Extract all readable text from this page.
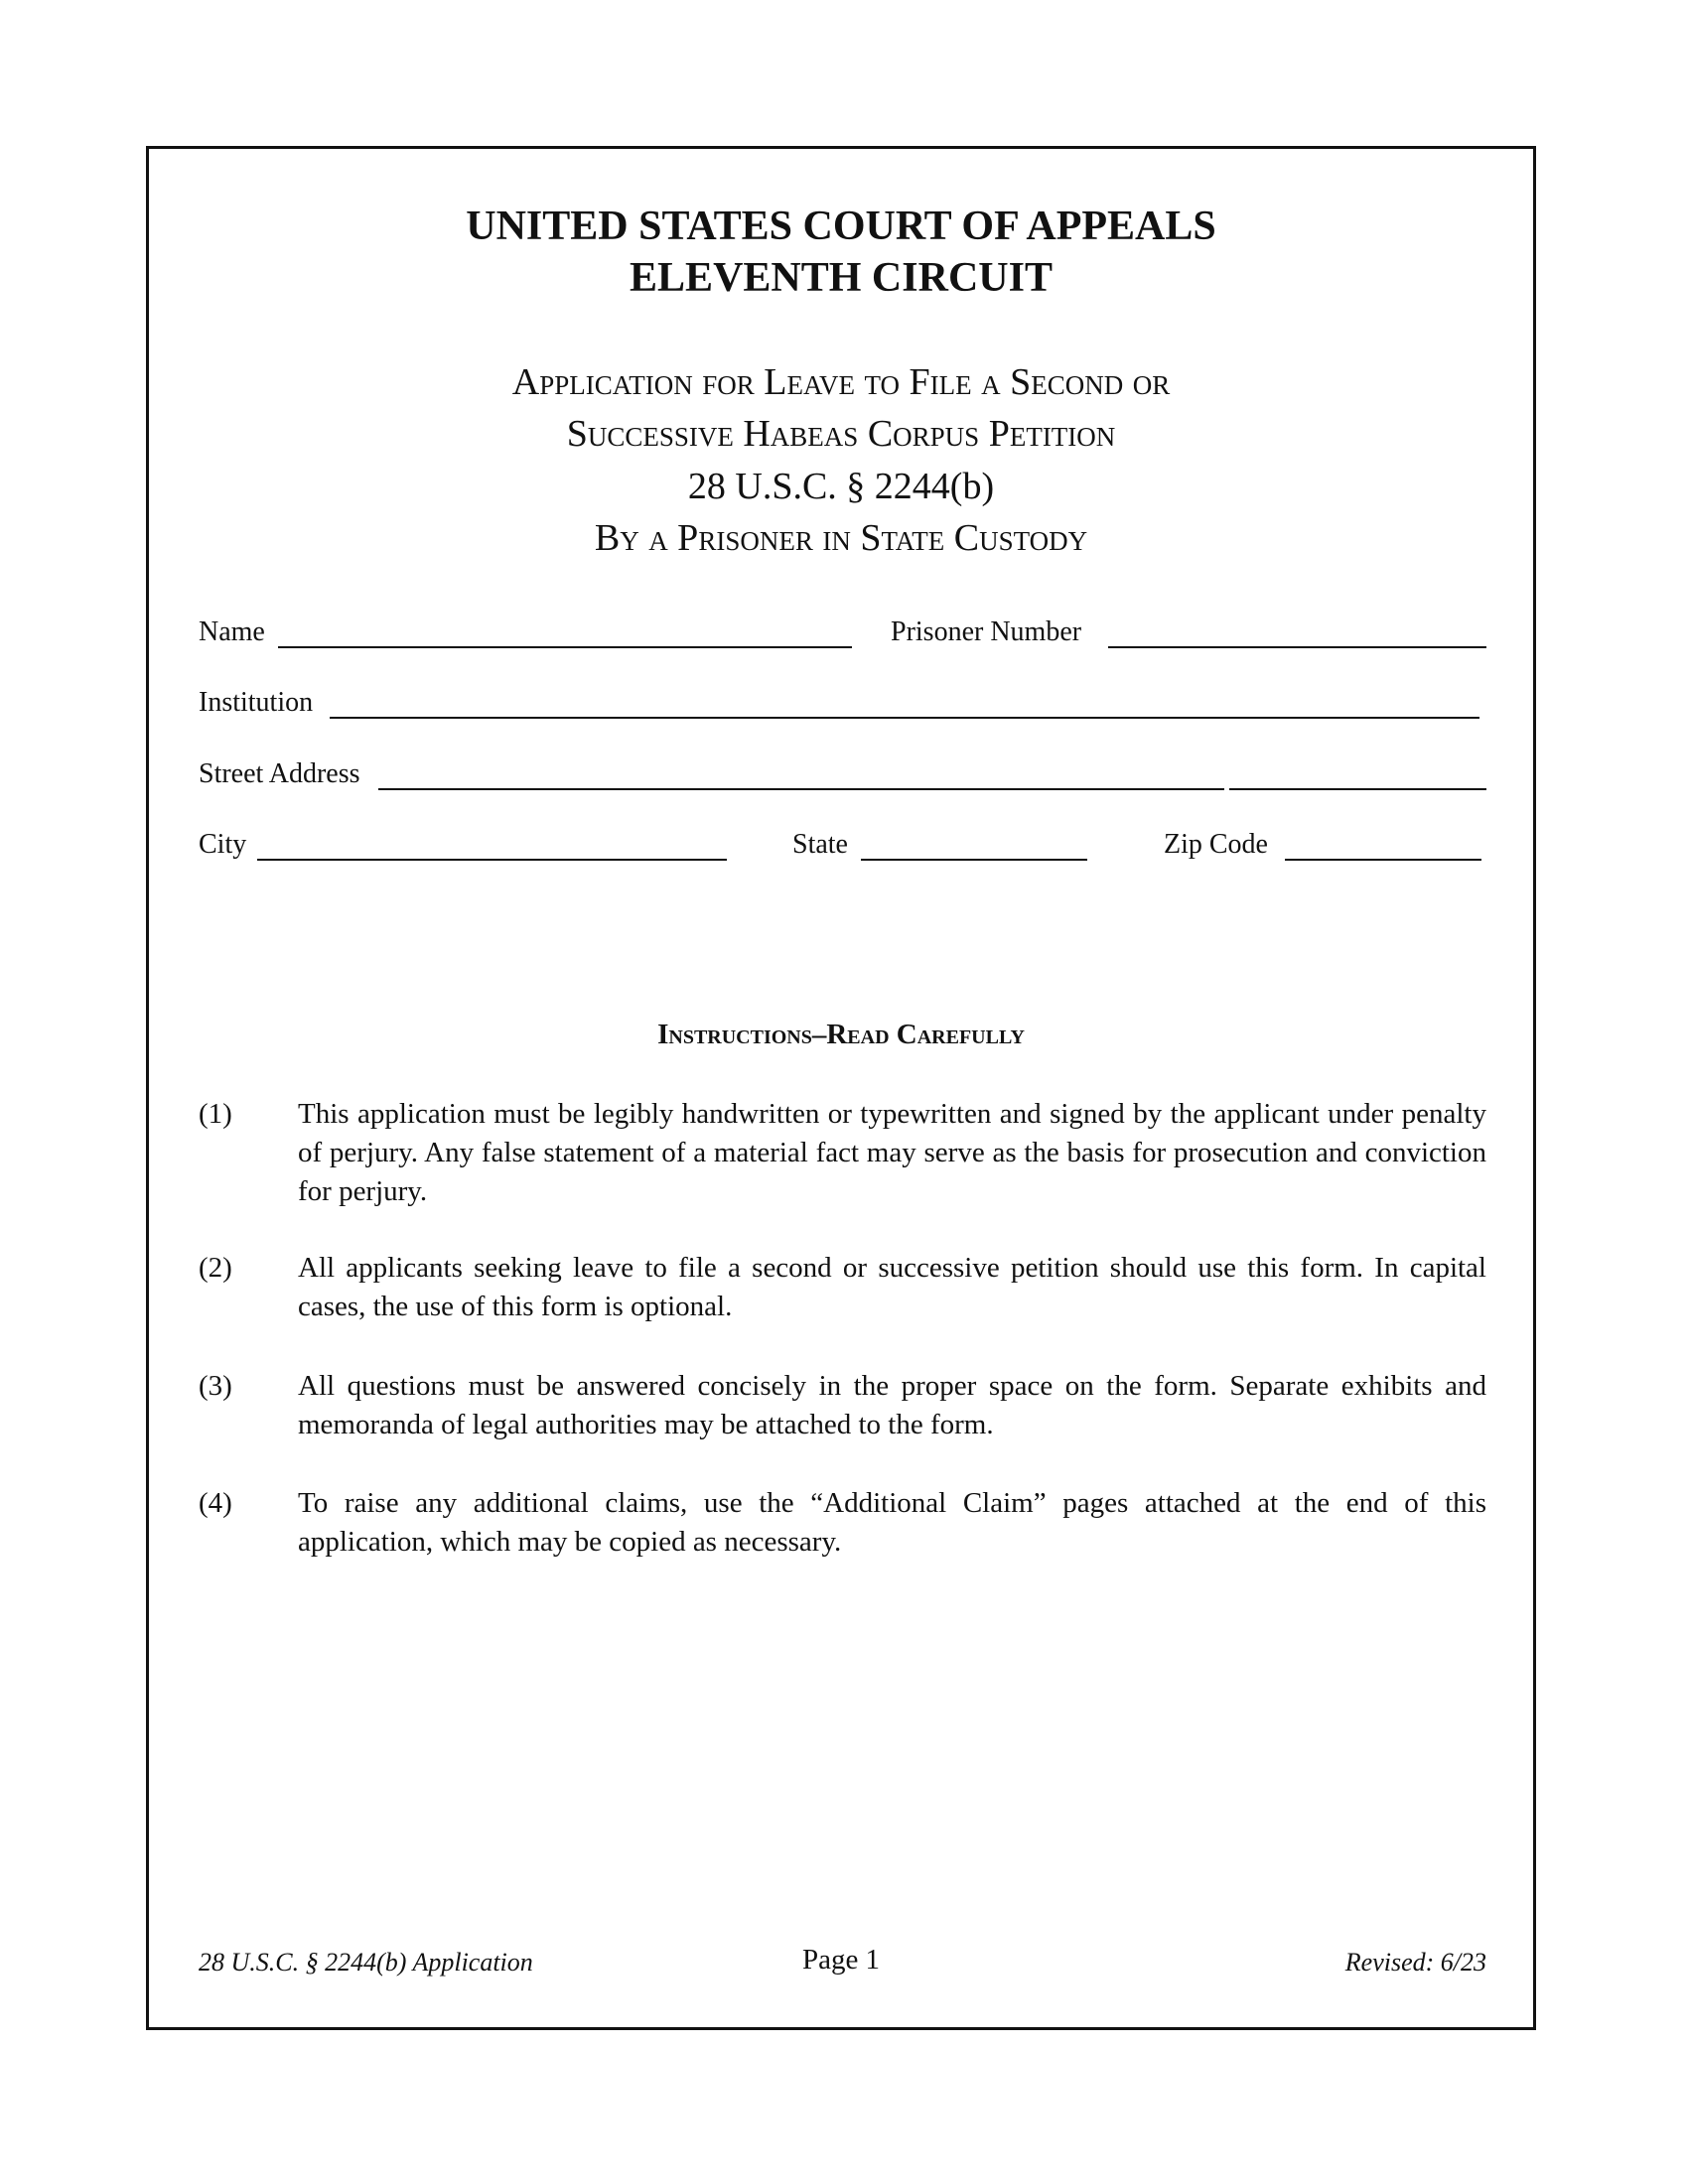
UNITED STATES COURT OF APPEALS
ELEVENTH CIRCUIT
Application for Leave to File a Second or
Successive Habeas Corpus Petition
28 U.S.C. § 2244(b)
By a Prisoner in State Custody
Name	Prisoner Number
Institution
Street Address
City	State	Zip Code
Instructions–Read Carefully
(1) This application must be legibly handwritten or typewritten and signed by the applicant under penalty of perjury. Any false statement of a material fact may serve as the basis for prosecution and conviction for perjury.
(2) All applicants seeking leave to file a second or successive petition should use this form. In capital cases, the use of this form is optional.
(3) All questions must be answered concisely in the proper space on the form. Separate exhibits and memoranda of legal authorities may be attached to the form.
(4) To raise any additional claims, use the “Additional Claim” pages attached at the end of this application, which may be copied as necessary.
28 U.S.C. § 2244(b) Application	Page 1	Revised: 6/23
